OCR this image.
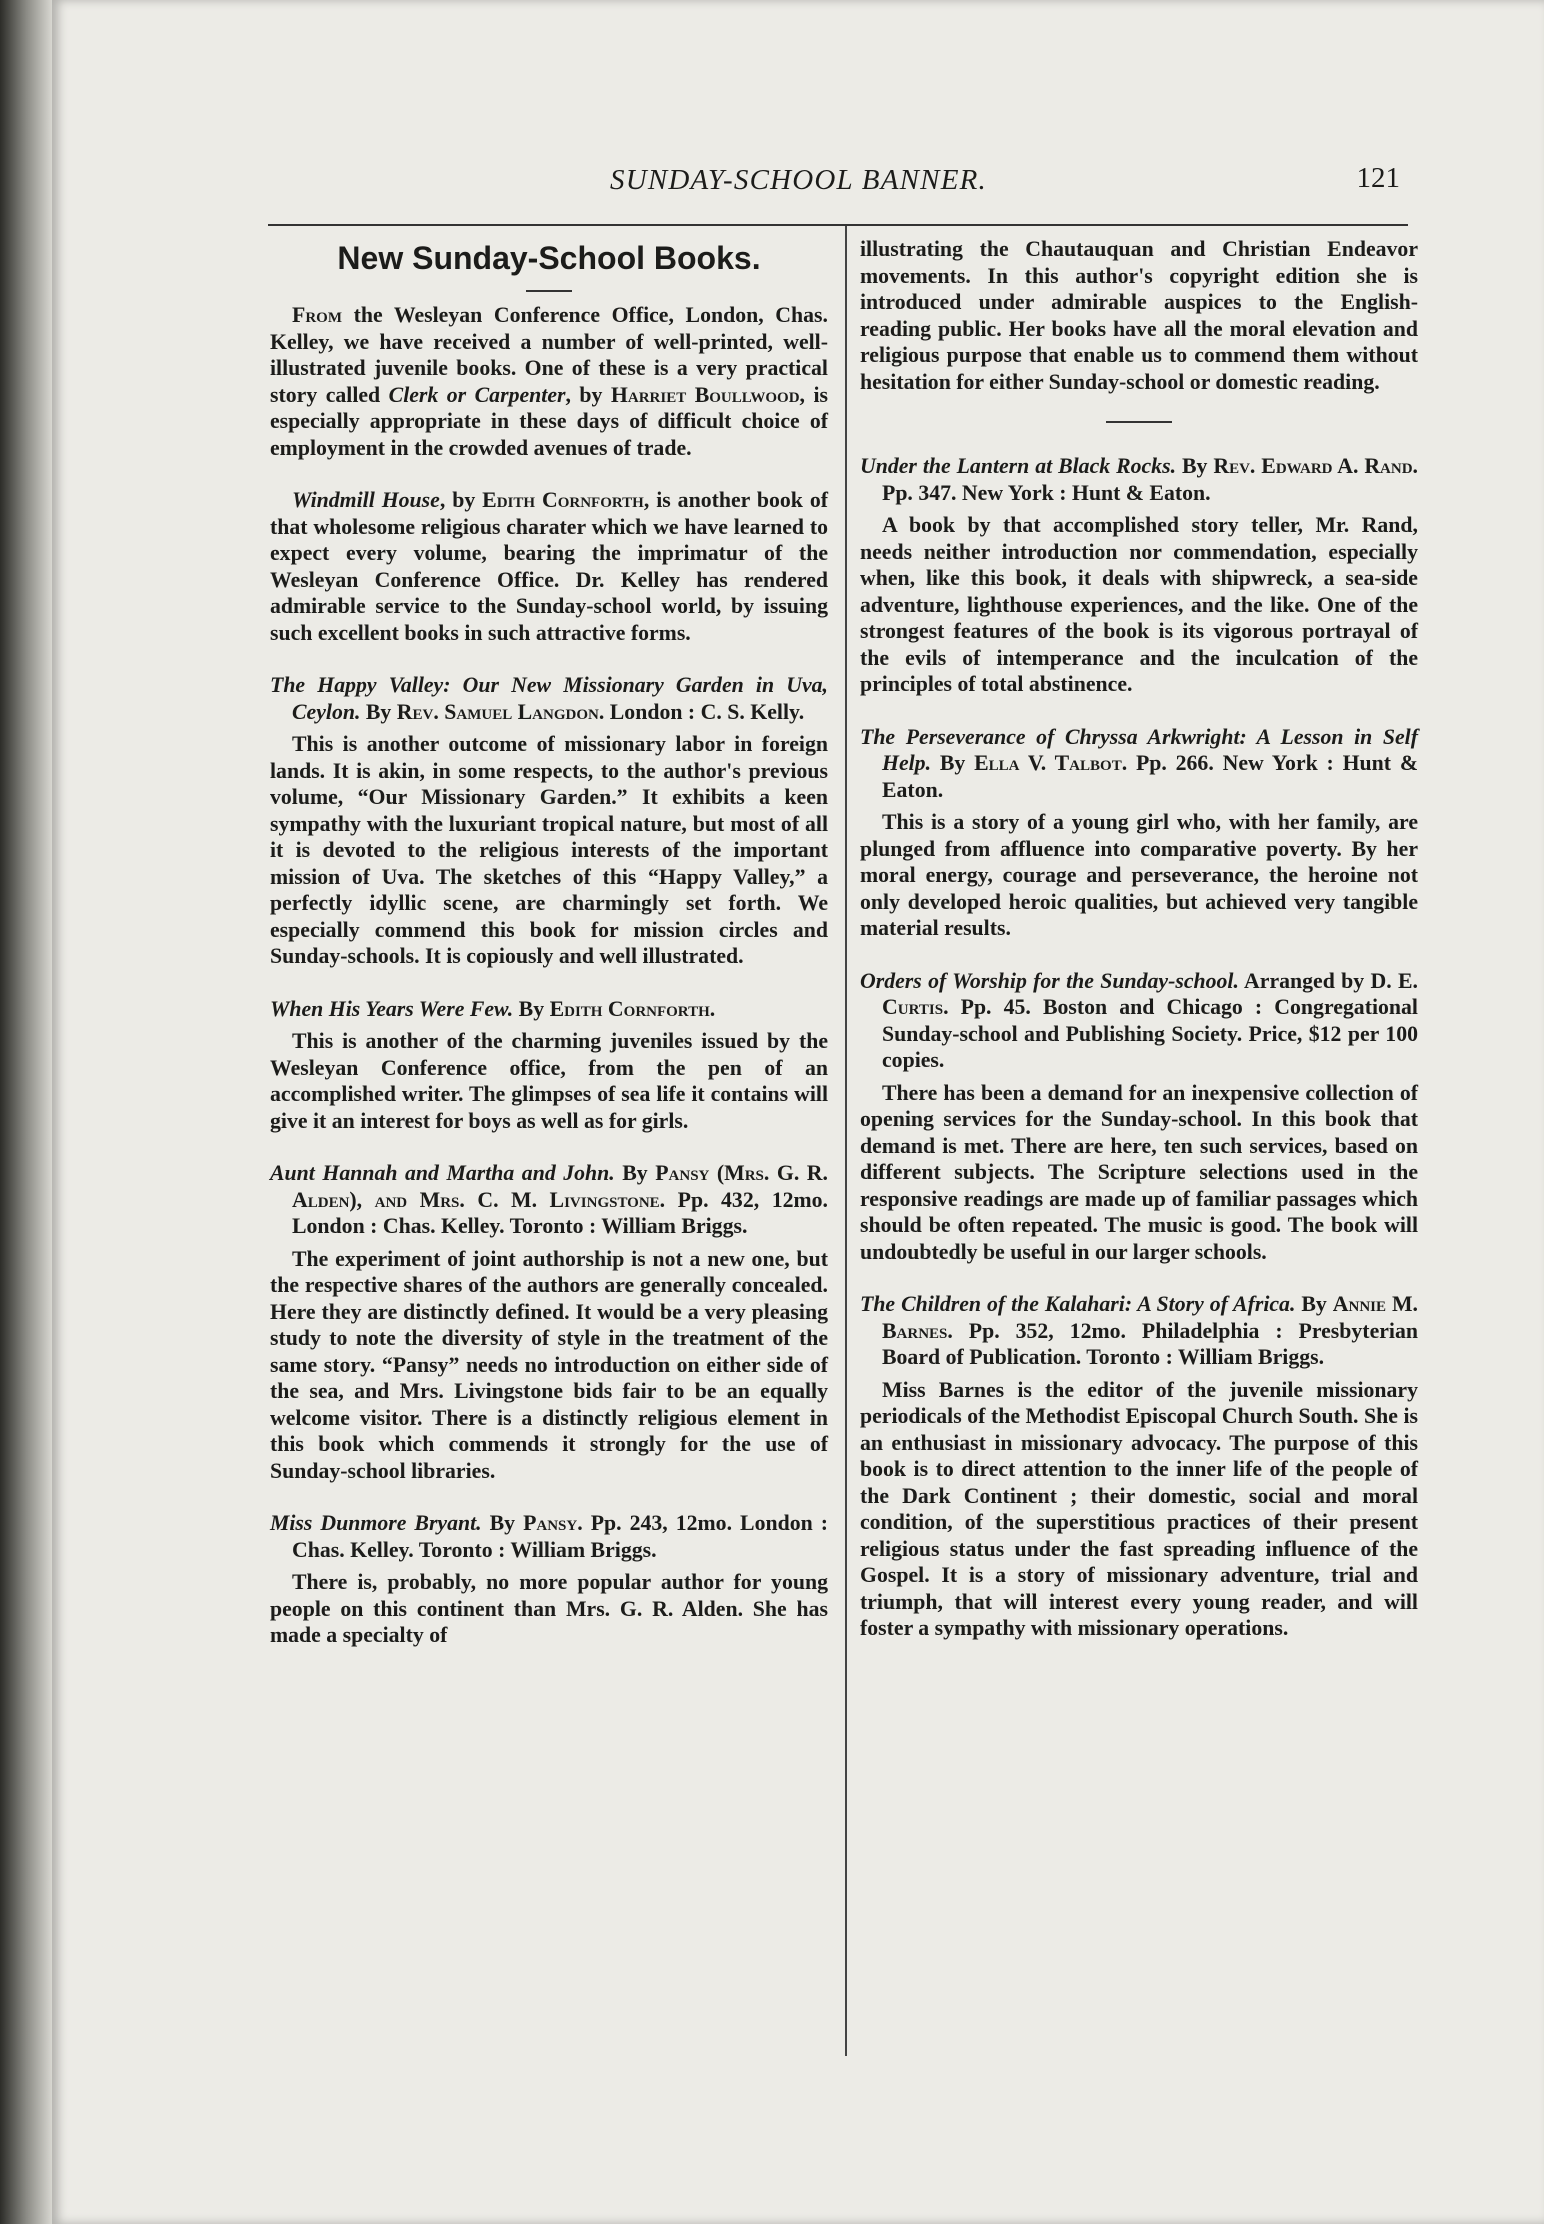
SUNDAY-SCHOOL BANNER.	121
New Sunday-School Books.

From the Wesleyan Conference Office, London, Chas. Kelley, we have received a number of well-printed, well-illustrated juvenile books. One of these is a very practical story called Clerk or Carpenter, by Harriet Boullwood, is especially appropriate in these days of difficult choice of employment in the crowded avenues of trade.

Windmill House, by Edith Cornforth, is another book of that wholesome religious charater which we have learned to expect every volume, bearing the imprimatur of the Wesleyan Conference Office. Dr. Kelley has rendered admirable service to the Sunday-school world, by issuing such excellent books in such attractive forms.

The Happy Valley: Our New Missionary Garden in Uva, Ceylon. By Rev. Samuel Langdon. London : C. S. Kelly.

This is another outcome of missionary labor in foreign lands. It is akin, in some respects, to the author's previous volume, “Our Missionary Garden.” It exhibits a keen sympathy with the luxuriant tropical nature, but most of all it is devoted to the religious interests of the important mission of Uva. The sketches of this “Happy Valley,” a perfectly idyllic scene, are charmingly set forth. We especially commend this book for mission circles and Sunday-schools. It is copiously and well illustrated.

When His Years Were Few. By Edith Cornforth.

This is another of the charming juveniles issued by the Wesleyan Conference office, from the pen of an accomplished writer. The glimpses of sea life it contains will give it an interest for boys as well as for girls.

Aunt Hannah and Martha and John. By Pansy (Mrs. G. R. Alden), and Mrs. C. M. Livingstone. Pp. 432, 12mo. London : Chas. Kelley. Toronto : William Briggs.

The experiment of joint authorship is not a new one, but the respective shares of the authors are generally concealed. Here they are distinctly defined. It would be a very pleasing study to note the diversity of style in the treatment of the same story. “Pansy” needs no introduction on either side of the sea, and Mrs. Livingstone bids fair to be an equally welcome visitor. There is a distinctly religious element in this book which commends it strongly for the use of Sunday-school libraries.

Miss Dunmore Bryant. By Pansy. Pp. 243, 12mo. London : Chas. Kelley. Toronto : William Briggs.

There is, probably, no more popular author for young people on this continent than Mrs. G. R. Alden. She has made a specialty of

illustrating the Chautauquan and Christian Endeavor movements. In this author's copyright edition she is introduced under admirable auspices to the English-reading public. Her books have all the moral elevation and religious purpose that enable us to commend them without hesitation for either Sunday-school or domestic reading.

Under the Lantern at Black Rocks. By Rev. Edward A. Rand. Pp. 347. New York : Hunt & Eaton.

A book by that accomplished story teller, Mr. Rand, needs neither introduction nor commendation, especially when, like this book, it deals with shipwreck, a sea-side adventure, lighthouse experiences, and the like. One of the strongest features of the book is its vigorous portrayal of the evils of intemperance and the inculcation of the principles of total abstinence.

The Perseverance of Chryssa Arkwright: A Lesson in Self Help. By Ella V. Talbot. Pp. 266. New York : Hunt & Eaton.

This is a story of a young girl who, with her family, are plunged from affluence into comparative poverty. By her moral energy, courage and perseverance, the heroine not only developed heroic qualities, but achieved very tangible material results.

Orders of Worship for the Sunday-school. Arranged by D. E. Curtis. Pp. 45. Boston and Chicago : Congregational Sunday-school and Publishing Society. Price, $12 per 100 copies.

There has been a demand for an inexpensive collection of opening services for the Sunday-school. In this book that demand is met. There are here, ten such services, based on different subjects. The Scripture selections used in the responsive readings are made up of familiar passages which should be often repeated. The music is good. The book will undoubtedly be useful in our larger schools.

The Children of the Kalahari: A Story of Africa. By Annie M. Barnes. Pp. 352, 12mo. Philadelphia : Presbyterian Board of Publication. Toronto : William Briggs.

Miss Barnes is the editor of the juvenile missionary periodicals of the Methodist Episcopal Church South. She is an enthusiast in missionary advocacy. The purpose of this book is to direct attention to the inner life of the people of the Dark Continent ; their domestic, social and moral condition, of the superstitious practices of their present religious status under the fast spreading influence of the Gospel. It is a story of missionary adventure, trial and triumph, that will interest every young reader, and will foster a sympathy with missionary operations.
